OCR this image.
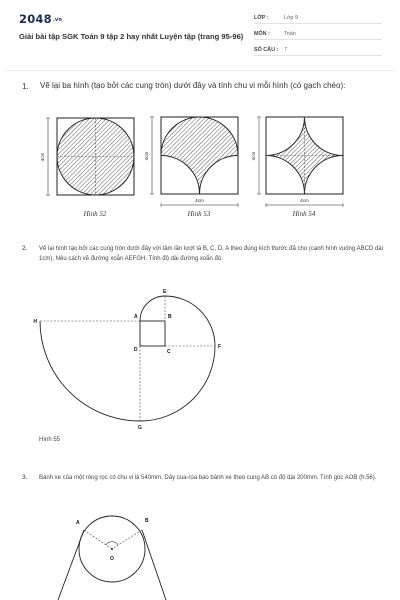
2048.vn
Giải bài tập SGK Toán 9 tập 2 hay nhất Luyện tập (trang 95-96)
LỚP :	Lớp 9
MÔN :	Toán
SỐ CÂU : 7
1. Vẽ lại ba hình (tạo bởi các cung tròn) dưới đây và tính chu vi mỗi hình (có gạch chéo):
4cm
Hình 52
4cm
4cm
Hình 53
4cm
4cm
Hình 54
2. Vẽ lại hình tạo bởi các cung tròn dưới đây với tâm lần lượt là B, C, D, A theo đúng kích thước đã cho (cạnh hình vuông ABCD dài 1cm). Nêu cách vẽ đường xoắn AEFGH. Tính độ dài đường xoắn đó.
A	B
C
D
E
F
G
H
Hình 55
3. Bánh xe của một ròng rọc có chu vi là 540mm. Dây cua-roa bao bánh xe theo cung AB có độ dài 200mm. Tính góc AOB (h.56).
A	B
O
